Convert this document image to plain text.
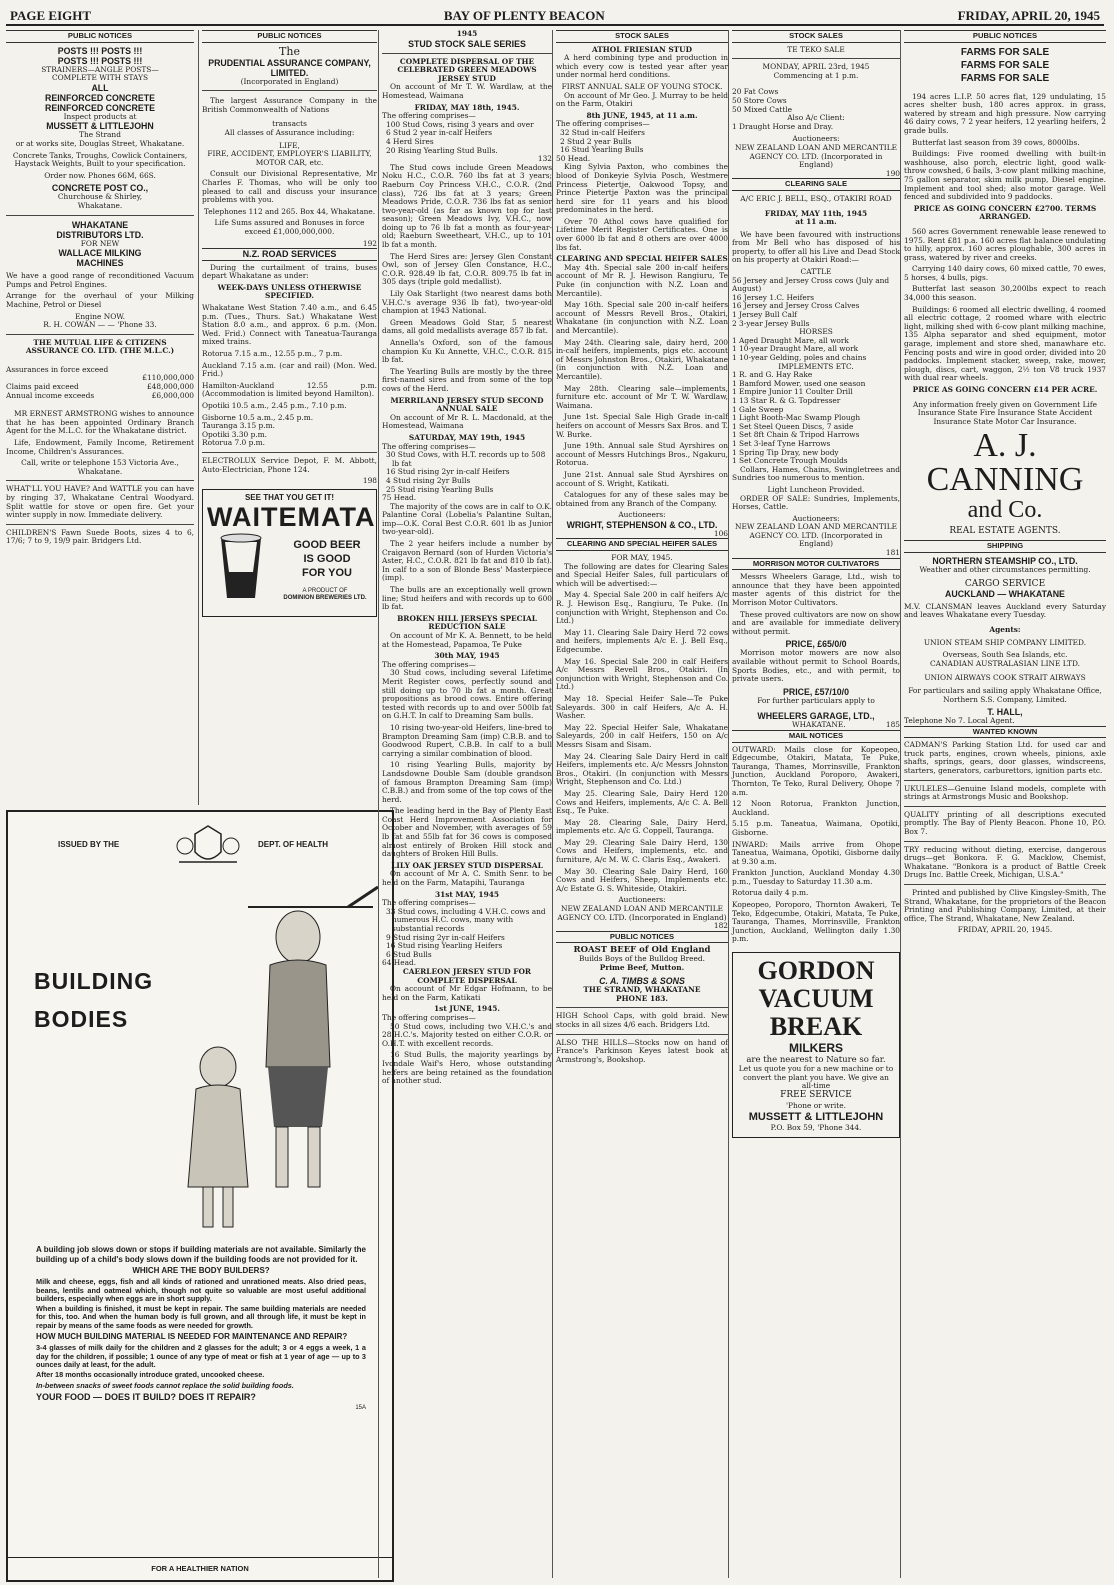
PAGE EIGHT	BAY OF PLENTY BEACON	FRIDAY, APRIL 20, 1945
PUBLIC NOTICES
POSTS !!! POSTS !!!
POSTS !!! POSTS !!!
STRAINERS—ANGLE POSTS—
COMPLETE WITH STAYS
ALL
REINFORCED CONCRETE
REINFORCED CONCRETE
Inspect products at
MUSSETT & LITTLEJOHN
The Strand
or at works site, Douglas Street, Whakatane.

Concrete Tanks, Troughs, Cowlick Containers, Haystack Weights, Built to your specification.

Order now. Phones 66M, 66S.
CONCRETE POST CO.,
Churchouse & Shirley,
Whakatane.
WHAKATANE
DISTRIBUTORS LTD.
FOR NEW
WALLACE MILKING
MACHINES

We have a good range of reconditioned Vacuum Pumps and Petrol Engines.

Arrange for the overhaul of your Milking Machine, Petrol or Diesel

Engine NOW.
R. H. COWAN — — 'Phone 33.
THE MUTUAL LIFE & CITIZENS ASSURANCE CO. LTD. (THE M.L.C.)
Assurances in force exceed
£110,000,000
Claims paid exceed	£48,000,000
Annual income exceeds	£6,000,000

MR ERNEST ARMSTRONG wishes to announce that he has been appointed Ordinary Branch Agent for the M.L.C. for the Whakatane district.

Life, Endowment, Family Income, Retirement Income, Children's Assurances.

Call, write or telephone 153 Victoria Ave., Whakatane.

WHAT'LL YOU HAVE? And WATTLE you can have by ringing 37, Whakatane Central Woodyard. Split wattle for stove or open fire. Get your winter supply in now. Immediate delivery.

CHILDREN'S Fawn Suede Boots, sizes 4 to 6, 17/6; 7 to 9, 19/9 pair. Bridgers Ltd.

PUBLIC NOTICES
The
PRUDENTIAL ASSURANCE COMPANY, LIMITED.
(Incorporated in England)

The largest Assurance Company in the British Commonwealth of Nations

transacts
All classes of Assurance including:
LIFE,

FIRE, ACCIDENT, EMPLOYER'S LIABILITY, MOTOR CAR, etc.

Consult our Divisional Representative, Mr Charles F. Thomas, who will be only too pleased to call and discuss your insurance problems with you.

Telephones 112 and 265. Box 44, Whakatane.

Life Sums assured and Bonuses in force exceed £1,000,000,000.

192
N.Z. ROAD SERVICES

During the curtailment of trains, buses depart Whakatane as under:

WEEK-DAYS UNLESS OTHERWISE SPECIFIED.

Whakatane West Station 7.40 a.m., and 6.45 p.m. (Tues., Thurs. Sat.) Whakatane West Station 8.0 a.m., and approx. 6 p.m. (Mon. Wed. Frid.) Connect with Taneatua-Tauranga mixed trains.

Rotorua 7.15 a.m., 12.55 p.m., 7 p.m.

Auckland 7.15 a.m. (car and rail) (Mon. Wed. Frid.)

Hamilton-Auckland 12.55 p.m. (Accommodation is limited beyond Hamilton).

Opotiki 10.5 a.m., 2.45 p.m., 7.10 p.m.

Gisborne 10.5 a.m., 2.45 p.m.
Tauranga 3.15 p.m.
Opotiki 3.30 p.m.
Rotorua 7.0 p.m.

ELECTROLUX Service Depot, F. M. Abbott, Auto-Electrician, Phone 124.

198
SEE THAT YOU GET IT!
WAITEMATA
GOOD BEER
IS GOOD
FOR YOU
A PRODUCT OF
DOMINION BREWERIES LTD.
ISSUED BY THE	DEPT. OF HEALTH
BUILDING
BODIES

A building job slows down or stops if building materials are not available. Similarly the building up of a child's body slows down if the building foods are not provided for it.

WHICH ARE THE BODY BUILDERS?

Milk and cheese, eggs, fish and all kinds of rationed and unrationed meats. Also dried peas, beans, lentils and oatmeal which, though not quite so valuable are most useful additional builders, especially when eggs are in short supply.

When a building is finished, it must be kept in repair. The same building materials are needed for this, too. And when the human body is full grown, and all through life, it must be kept in repair by means of the same foods as were needed for growth.

HOW MUCH BUILDING MATERIAL IS NEEDED FOR MAINTENANCE AND REPAIR?

3-4 glasses of milk daily for the children and 2 glasses for the adult; 3 or 4 eggs a week, 1 a day for the children, if possible; 1 ounce of any type of meat or fish at 1 year of age — up to 3 ounces daily at least, for the adult.

After 18 months occasionally introduce grated, uncooked cheese.

In-between snacks of sweet foods cannot replace the solid building foods.

YOUR FOOD — DOES IT BUILD? DOES IT REPAIR?
15A
FOR A HEALTHIER NATION
1945
STUD STOCK SALE SERIES
COMPLETE DISPERSAL OF THE CELEBRATED GREEN MEADOWS JERSEY STUD

On account of Mr T. W. Wardlaw, at the Homestead, Waimana

FRIDAY, MAY 18th, 1945.
The offering comprises—
100 Stud Cows, rising 3 years and over
6 Stud 2 year in-calf Heifers
4 Herd Sires
20 Rising Yearling Stud Bulls.
132

The Stud cows include Green Meadows Noku H.C., C.O.R. 760 lbs fat at 3 years; Raeburn Coy Princess V.H.C., C.O.R. (2nd class), 726 lbs fat at 3 years; Green Meadows Pride, C.O.R. 736 lbs fat as senior two-year-old (as far as known top for last season); Green Meadows Ivy, V.H.C., now doing up to 76 lb fat a month as four-year-old; Raeburn Sweetheart, V.H.C., up to 101 lb fat a month.

The Herd Sires are: Jersey Glen Constant Owl, son of Jersey Glen Constance, H.C., C.O.R. 928.49 lb fat, C.O.R. 809.75 lb fat in 305 days (triple gold medallist).

Lily Oak Starlight (two nearest dams both V.H.C.'s average 936 lb fat), two-year-old champion at 1943 National.

Green Meadows Gold Star, 5 nearest dams, all gold medallists average 857 lb fat.

Annella's Oxford, son of the famous champion Ku Ku Annette, V.H.C., C.O.R. 815 lb fat.

The Yearling Bulls are mostly by the three first-named sires and from some of the top cows of the Herd.

MERRILAND JERSEY STUD SECOND ANNUAL SALE

On account of Mr R. L. Macdonald, at the Homestead, Waimana

SATURDAY, MAY 19th, 1945
The offering comprises—
30 Stud Cows, with H.T. records up to 508 lb fat
16 Stud rising 2yr in-calf Heifers
4 Stud rising 2yr Bulls
25 Stud rising Yearling Bulls
75 Head.

The majority of the cows are in calf to O.K. Palantine Coral (Lobelia's Palantine Sultan, imp—O.K. Coral Best C.O.R. 601 lb as Junior two-year-old).

The 2 year heifers include a number by Craigavon Bernard (son of Hurden Victoria's Aster, H.C., C.O.R. 821 lb fat and 810 lb fat). In calf to a son of Blonde Bess' Masterpiece (imp).

The bulls are an exceptionally well grown line; Stud heifers and with records up to 600 lb fat.

BROKEN HILL JERSEYS SPECIAL REDUCTION SALE

On account of Mr K. A. Bennett, to be held at the Homestead, Papamoa, Te Puke

30th MAY, 1945
The offering comprises—

30 Stud cows, including several Lifetime Merit Register cows, perfectly sound and still doing up to 70 lb fat a month. Great propositions as brood cows. Entire offering tested with records up to and over 500lb fat on G.H.T. In calf to Dreaming Sam bulls.

10 rising two-year-old Heifers, line-bred to Brampton Dreaming Sam (imp) C.B.B. and to Goodwood Rupert, C.B.B. In calf to a bull carrying a similar combination of blood.

10 rising Yearling Bulls, majority by Landsdowne Double Sam (double grandson of famous Brampton Dreaming Sam (imp) C.B.B.) and from some of the top cows of the herd.

The leading herd in the Bay of Plenty East Coast Herd Improvement Association for October and November, with averages of 59 lb fat and 55lb fat for 36 cows is composed almost entirely of Broken Hill stock and daughters of Broken Hill Bulls.

LILY OAK JERSEY STUD DISPERSAL

On account of Mr A. C. Smith Senr. to be held on the Farm, Matapihi, Tauranga

31st MAY, 1945
The offering comprises—
33 Stud cows, including 4 V.H.C. cows and numerous H.C. cows, many with substantial records
9 Stud rising 2yr in-calf Heifers
16 Stud rising Yearling Heifers
6 Stud Bulls
64 Head.
CAERLEON JERSEY STUD FOR COMPLETE DISPERSAL

On account of Mr Edgar Hofmann, to be held on the Farm, Katikati

1st JUNE, 1945.
The offering comprises—

50 Stud cows, including two V.H.C.'s and 28 H.C.'s. Majority tested on either C.O.R. or O.H.T. with excellent records.

16 Stud Bulls, the majority yearlings by Ivondale Waif's Hero, whose outstanding heifers are being retained as the foundation of another stud.

STOCK SALES
ATHOL FRIESIAN STUD

A herd combining type and production in which every cow is tested year after year under normal herd conditions.

FIRST ANNUAL SALE OF YOUNG STOCK.

On account of Mr Geo. J. Murray to be held on the Farm, Otakiri

8th JUNE, 1945, at 11 a.m.
The offering comprises—
32 Stud in-calf Heifers
2 Stud 2 year Bulls
16 Stud Yearling Bulls
50 Head.

King Sylvia Paxton, who combines the blood of Donkeyie Sylvia Posch, Westmere Princess Pietertje, Oakwood Topsy, and Prince Pietertje Paxton was the principal herd sire for 11 years and his blood predominates in the herd.

Over 70 Athol cows have qualified for Lifetime Merit Register Certificates. One is over 6000 lb fat and 8 others are over 4000 lbs fat.

CLEARING AND SPECIAL HEIFER SALES

May 4th. Special sale 200 in-calf heifers account of Mr R. J. Hewison Rangiuru, Te Puke (in conjunction with N.Z. Loan and Mercantile).

May 16th. Special sale 200 in-calf heifers account of Messrs Revell Bros., Otakiri, Whakatane (in conjunction with N.Z. Loan and Mercantile).

May 24th. Clearing sale, dairy herd, 200 in-calf heifers, implements, pigs etc. account of Messrs Johnston Bros., Otakiri, Whakatane (in conjunction with N.Z. Loan and Mercantile).

May 28th. Clearing sale—implements, furniture etc. account of Mr T. W. Wardlaw, Waimana.

June 1st. Special Sale High Grade in-calf heifers on account of Messrs Sax Bros. and T. W. Burke.

June 19th. Annual sale Stud Ayrshires on account of Messrs Hutchings Bros., Ngakuru, Rotorua.

June 21st. Annual sale Stud Ayrshires on account of S. Wright, Katikati.

Catalogues for any of these sales may be obtained from any Branch of the Company.

Auctioneers:
WRIGHT, STEPHENSON & CO., LTD.
106
CLEARING AND SPECIAL HEIFER SALES
FOR MAY, 1945.

The following are dates for Clearing Sales and Special Heifer Sales, full particulars of which will be advertised:—

May 4. Special Sale 200 in calf heifers A/c R. J. Hewison Esq., Rangiuru, Te Puke. (In conjunction with Wright, Stephenson and Co. Ltd.)

May 11. Clearing Sale Dairy Herd 72 cows and heifers, implements A/c E. J. Bell Esq., Edgecumbe.

May 16. Special Sale 200 in calf Heifers A/c Messrs Revell Bros., Otakiri. (In conjunction with Wright, Stephenson and Co. Ltd.)

May 18. Special Heifer Sale—Te Puke Saleyards. 300 in calf Heifers, A/c A. H. Washer.

May 22. Special Heifer Sale, Whakatane Saleyards, 200 in calf Heifers, 150 on A/c Messrs Sisam and Sisam.

May 24. Clearing Sale Dairy Herd in calf Heifers, implements etc. A/c Messrs Johnston Bros., Otakiri. (In conjunction with Messrs Wright, Stephenson and Co. Ltd.)

May 25. Clearing Sale, Dairy Herd 120 Cows and Heifers, implements, A/c C. A. Bell Esq., Te Puke.

May 28. Clearing Sale, Dairy Herd, implements etc. A/c G. Coppell, Tauranga.

May 29. Clearing Sale Dairy Herd, 130 Cows and Heifers, implements, etc. and furniture, A/c M. W. C. Claris Esq., Awakeri.

May 30. Clearing Sale Dairy Herd, 160 Cows and Heifers, Sheep, Implements etc. A/c Estate G. S. Whiteside, Otakiri.

Auctioneers:
NEW ZEALAND LOAN AND MERCANTILE AGENCY CO. LTD. (Incorporated in England)
182
PUBLIC NOTICES
ROAST BEEF of Old England
Builds Boys of the Bulldog Breed.
Prime Beef, Mutton.
C. A. TIMBS & SONS
THE STRAND, WHAKATANE
PHONE 183.

HIGH School Caps, with gold braid. New stocks in all sizes 4/6 each. Bridgers Ltd.

ALSO THE HILLS—Stocks now on hand of France's Parkinson Keyes latest book at Armstrong's, Bookshop.

STOCK SALES
TE TEKO SALE
MONDAY, APRIL 23rd, 1945
Commencing at 1 p.m.
20 Fat Cows
50 Store Cows
50 Mixed Cattle
Also A/c Client:
1 Draught Horse and Dray.
Auctioneers:
NEW ZEALAND LOAN AND MERCANTILE AGENCY CO. LTD. (Incorporated in England)
190
CLEARING SALE
A/C ERIC J. BELL, ESQ., OTAKIRI ROAD
FRIDAY, MAY 11th, 1945
at 11 a.m.

We have been favoured with instructions from Mr Bell who has disposed of his property, to offer all his Live and Dead Stock on his property at Otakiri Road:—

CATTLE
56 Jersey and Jersey Cross cows (July and August)
16 Jersey 1.C. Heifers
16 Jersey and Jersey Cross Calves
1 Jersey Bull Calf
2 3-year Jersey Bulls
HORSES
1 Aged Draught Mare, all work
1 10-year Draught Mare, all work
1 10-year Gelding, poles and chains
IMPLEMENTS ETC.
1 R. and G. Hay Rake
1 Bamford Mower, used one season
1 Empire Junior 11 Coulter Drill
1 13 Star R. & G. Topdresser
1 Gale Sweep
1 Light Booth-Mac Swamp Plough
1 Set Steel Queen Discs, 7 aside
1 Set 8ft Chain & Tripod Harrows
1 Set 3-leaf Tyne Harrows
1 Spring Tip Dray, new body
1 Set Concrete Trough Moulds

Collars, Hames, Chains, Swingletrees and Sundries too numerous to mention.

Light Luncheon Provided.

ORDER OF SALE: Sundries, Implements, Horses, Cattle.

Auctioneers:
NEW ZEALAND LOAN AND MERCANTILE AGENCY CO. LTD. (Incorporated in England)
181
MORRISON MOTOR CULTIVATORS

Messrs Wheelers Garage, Ltd., wish to announce that they have been appointed master agents of this district for the Morrison Motor Cultivators.

These proved cultivators are now on show and are available for immediate delivery without permit.

PRICE, £65/0/0

Morrison motor mowers are now also available without permit to School Boards, Sports Bodies, etc., and with permit, to private users.

PRICE, £57/10/0
For further particulars apply to
WHEELERS GARAGE, LTD.,
WHAKATANE.	185
MAIL NOTICES

OUTWARD: Mails close for Kopeopeo, Edgecumbe, Otakiri, Matata, Te Puke, Tauranga, Thames, Morrinsville, Frankton Junction, Auckland Poroporo, Awakeri, Thornton, Te Teko, Rural Delivery, Ohope 7 a.m.

12 Noon Rotorua, Frankton Junction, Auckland.

5.15 p.m. Taneatua, Waimana, Opotiki, Gisborne.

INWARD: Mails arrive from Ohope Taneatua, Waimana, Opotiki, Gisborne daily at 9.30 a.m.

Frankton Junction, Auckland Monday 4.30 p.m., Tuesday to Saturday 11.30 a.m.

Rotorua daily 4 p.m.

Kopeopeo, Poroporo, Thornton Awakeri, Te Teko, Edgecumbe, Otakiri, Matata, Te Puke, Tauranga, Thames, Morrinsville, Frankton Junction, Auckland, Wellington daily 1.30 p.m.

GORDON VACUUM
BREAK
MILKERS
are the nearest to Nature so far.
Let us quote you for a new machine or to convert the plant you have. We give an all-time
FREE SERVICE
'Phone or write.
MUSSETT & LITTLEJOHN
P.O. Box 59, 'Phone 344.
PUBLIC NOTICES
FARMS FOR SALE
FARMS FOR SALE
FARMS FOR SALE

194 acres L.I.P. 50 acres flat, 129 undulating, 15 acres shelter bush, 180 acres approx. in grass, watered by stream and high pressure. Now carrying 46 dairy cows, 7 2 year heifers, 12 yearling heifers, 2 grade bulls.

Butterfat last season from 39 cows, 8000lbs.

Buildings: Five roomed dwelling with built-in washhouse, also porch, electric light, good walk-throw cowshed, 6 bails, 3-cow plant milking machine, 75 gallon separator, skim milk pump, Diesel engine. Implement and tool shed; also motor garage. Well fenced and subdivided into 9 paddocks.

PRICE AS GOING CONCERN £2700. TERMS ARRANGED.

560 acres Government renewable lease renewed to 1975. Rent £81 p.a. 160 acres flat balance undulating to hilly, approx. 160 acres ploughable, 300 acres in grass, watered by river and creeks.

Carrying 140 dairy cows, 60 mixed cattle, 70 ewes, 5 horses, 4 bulls, pigs.

Butterfat last season 30,200lbs expect to reach 34,000 this season.

Buildings: 6 roomed all electric dwelling, 4 roomed all electric cottage, 2 roomed whare with electric light, milking shed with 6-cow plant milking machine, 135 Alpha separator and shed equipment, motor garage, implement and store shed, manawhare etc. Fencing posts and wire in good order, divided into 20 paddocks. Implement stacker, sweep, rake, mower, plough, discs, cart, waggon, 2½ ton V8 truck 1937 with dual rear wheels.

PRICE AS GOING CONCERN £14 PER ACRE.

Any information freely given on Government Life Insurance State Fire Insurance State Accident Insurance State Motor Car Insurance.

A. J. CANNING
and Co.
REAL ESTATE AGENTS.
SHIPPING
NORTHERN STEAMSHIP CO., LTD.

Weather and other circumstances permitting.

CARGO SERVICE
AUCKLAND — WHAKATANE

M.V. CLANSMAN leaves Auckland every Saturday and leaves Whakatane every Tuesday.

Agents:
UNION STEAM SHIP COMPANY LIMITED.
Overseas, South Sea Islands, etc.
CANADIAN AUSTRALASIAN LINE LTD.
UNION AIRWAYS COOK STRAIT AIRWAYS

For particulars and sailing apply Whakatane Office, Northern S.S. Company, Limited.

T. HALL,
Telephone No 7. Local Agent.
WANTED KNOWN

CADMAN'S Parking Station Ltd. for used car and truck parts, engines, crown wheels, pinions, axle shafts, springs, gears, door glasses, windscreens, starters, generators, carburettors, ignition parts etc.

UKULELES—Genuine Island models, complete with strings at Armstrongs Music and Bookshop.

QUALITY printing of all descriptions executed promptly. The Bay of Plenty Beacon. Phone 10, P.O. Box 7.

TRY reducing without dieting, exercise, dangerous drugs—get Bonkora. F. G. Macklow, Chemist, Whakatane. "Bonkora is a product of Battle Creek Drugs Inc. Battle Creek, Michigan, U.S.A."

Printed and published by Clive Kingsley-Smith, The Strand, Whakatane, for the proprietors of the Beacon Printing and Publishing Company, Limited, at their office, The Strand, Whakatane, New Zealand.

FRIDAY, APRIL 20, 1945.
